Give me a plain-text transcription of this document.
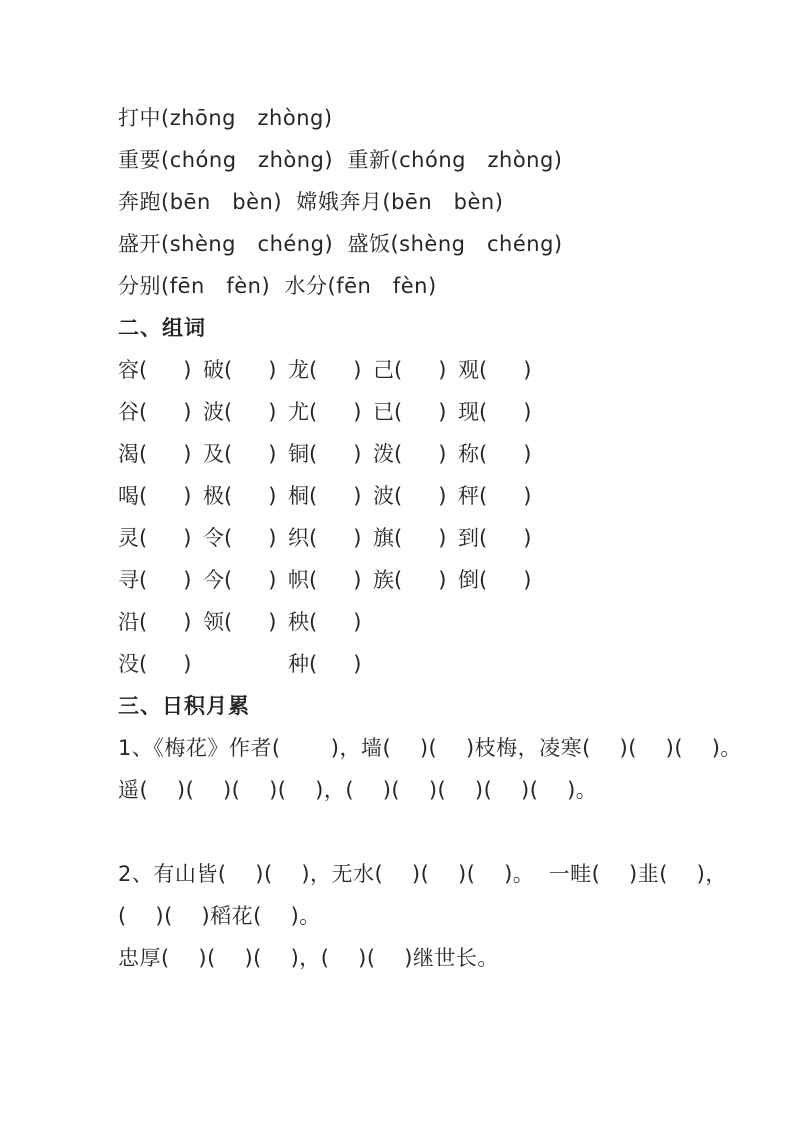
打中(zhōng   zhòng)

重要(chóng   zhòng)  重新(chóng   zhòng)

奔跑(bēn   bèn)  嫦娥奔月(bēn   bèn)

盛开(shèng   chéng)  盛饭(shèng   chéng)

分别(fēn   fèn)  水分(fēn   fèn)

二、组词
容( ) 破( ) 龙( ) 己( ) 观( )
谷( ) 波( ) 尤( ) 已( ) 现( )
渴( ) 及( ) 铜( ) 泼( ) 称( )
喝( ) 极( ) 桐( ) 波( ) 秤( )
灵( ) 令( ) 织( ) 旗( ) 到( )
寻( ) 今( ) 帜( ) 族( ) 倒( )
沿( ) 领( ) 秧( )
没( )	种( )
三、日积月累

1、《梅花》作者(       )，墙(    )(    )枝梅，凌寒(    )(    )(    )。

遥(    )(    )(    )(    )，(    )(    )(    )(    )(    )。

2、有山皆(    )(    )，无水(    )(    )(    )。  一畦(    )韭(    )，

(    )(    )稻花(    )。

忠厚(    )(    )(    )，(    )(    )继世长。
